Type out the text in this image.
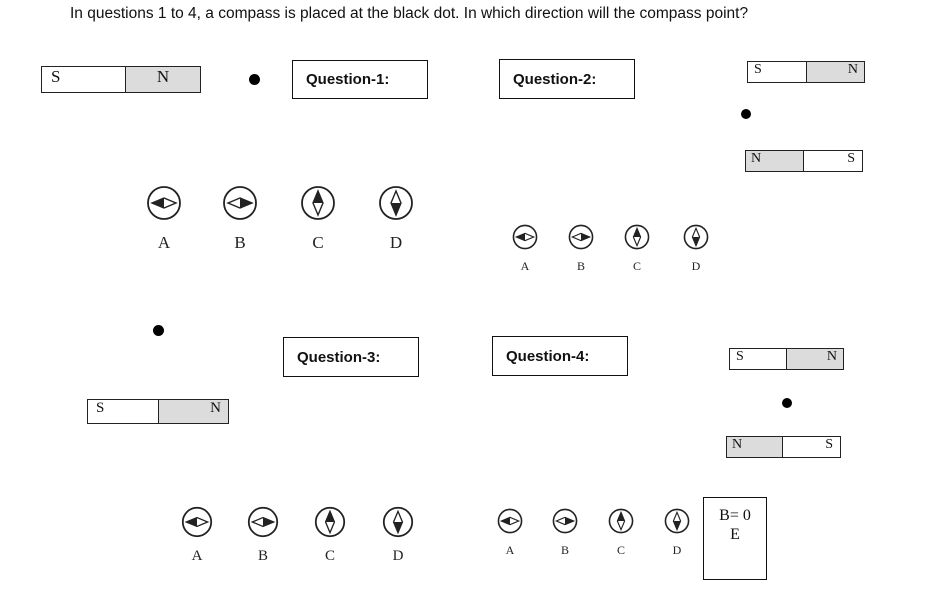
In questions 1 to 4, a compass is placed at the black dot. In which direction will the compass point?
S	N	Question-1:
A	B	C	D
Question-2:
S	N
N	S
A	B	C	D
Question-3:
S	N
A	B	C	D
Question-4:	S	N
N	S
A	B	C	D
B= 0
E
